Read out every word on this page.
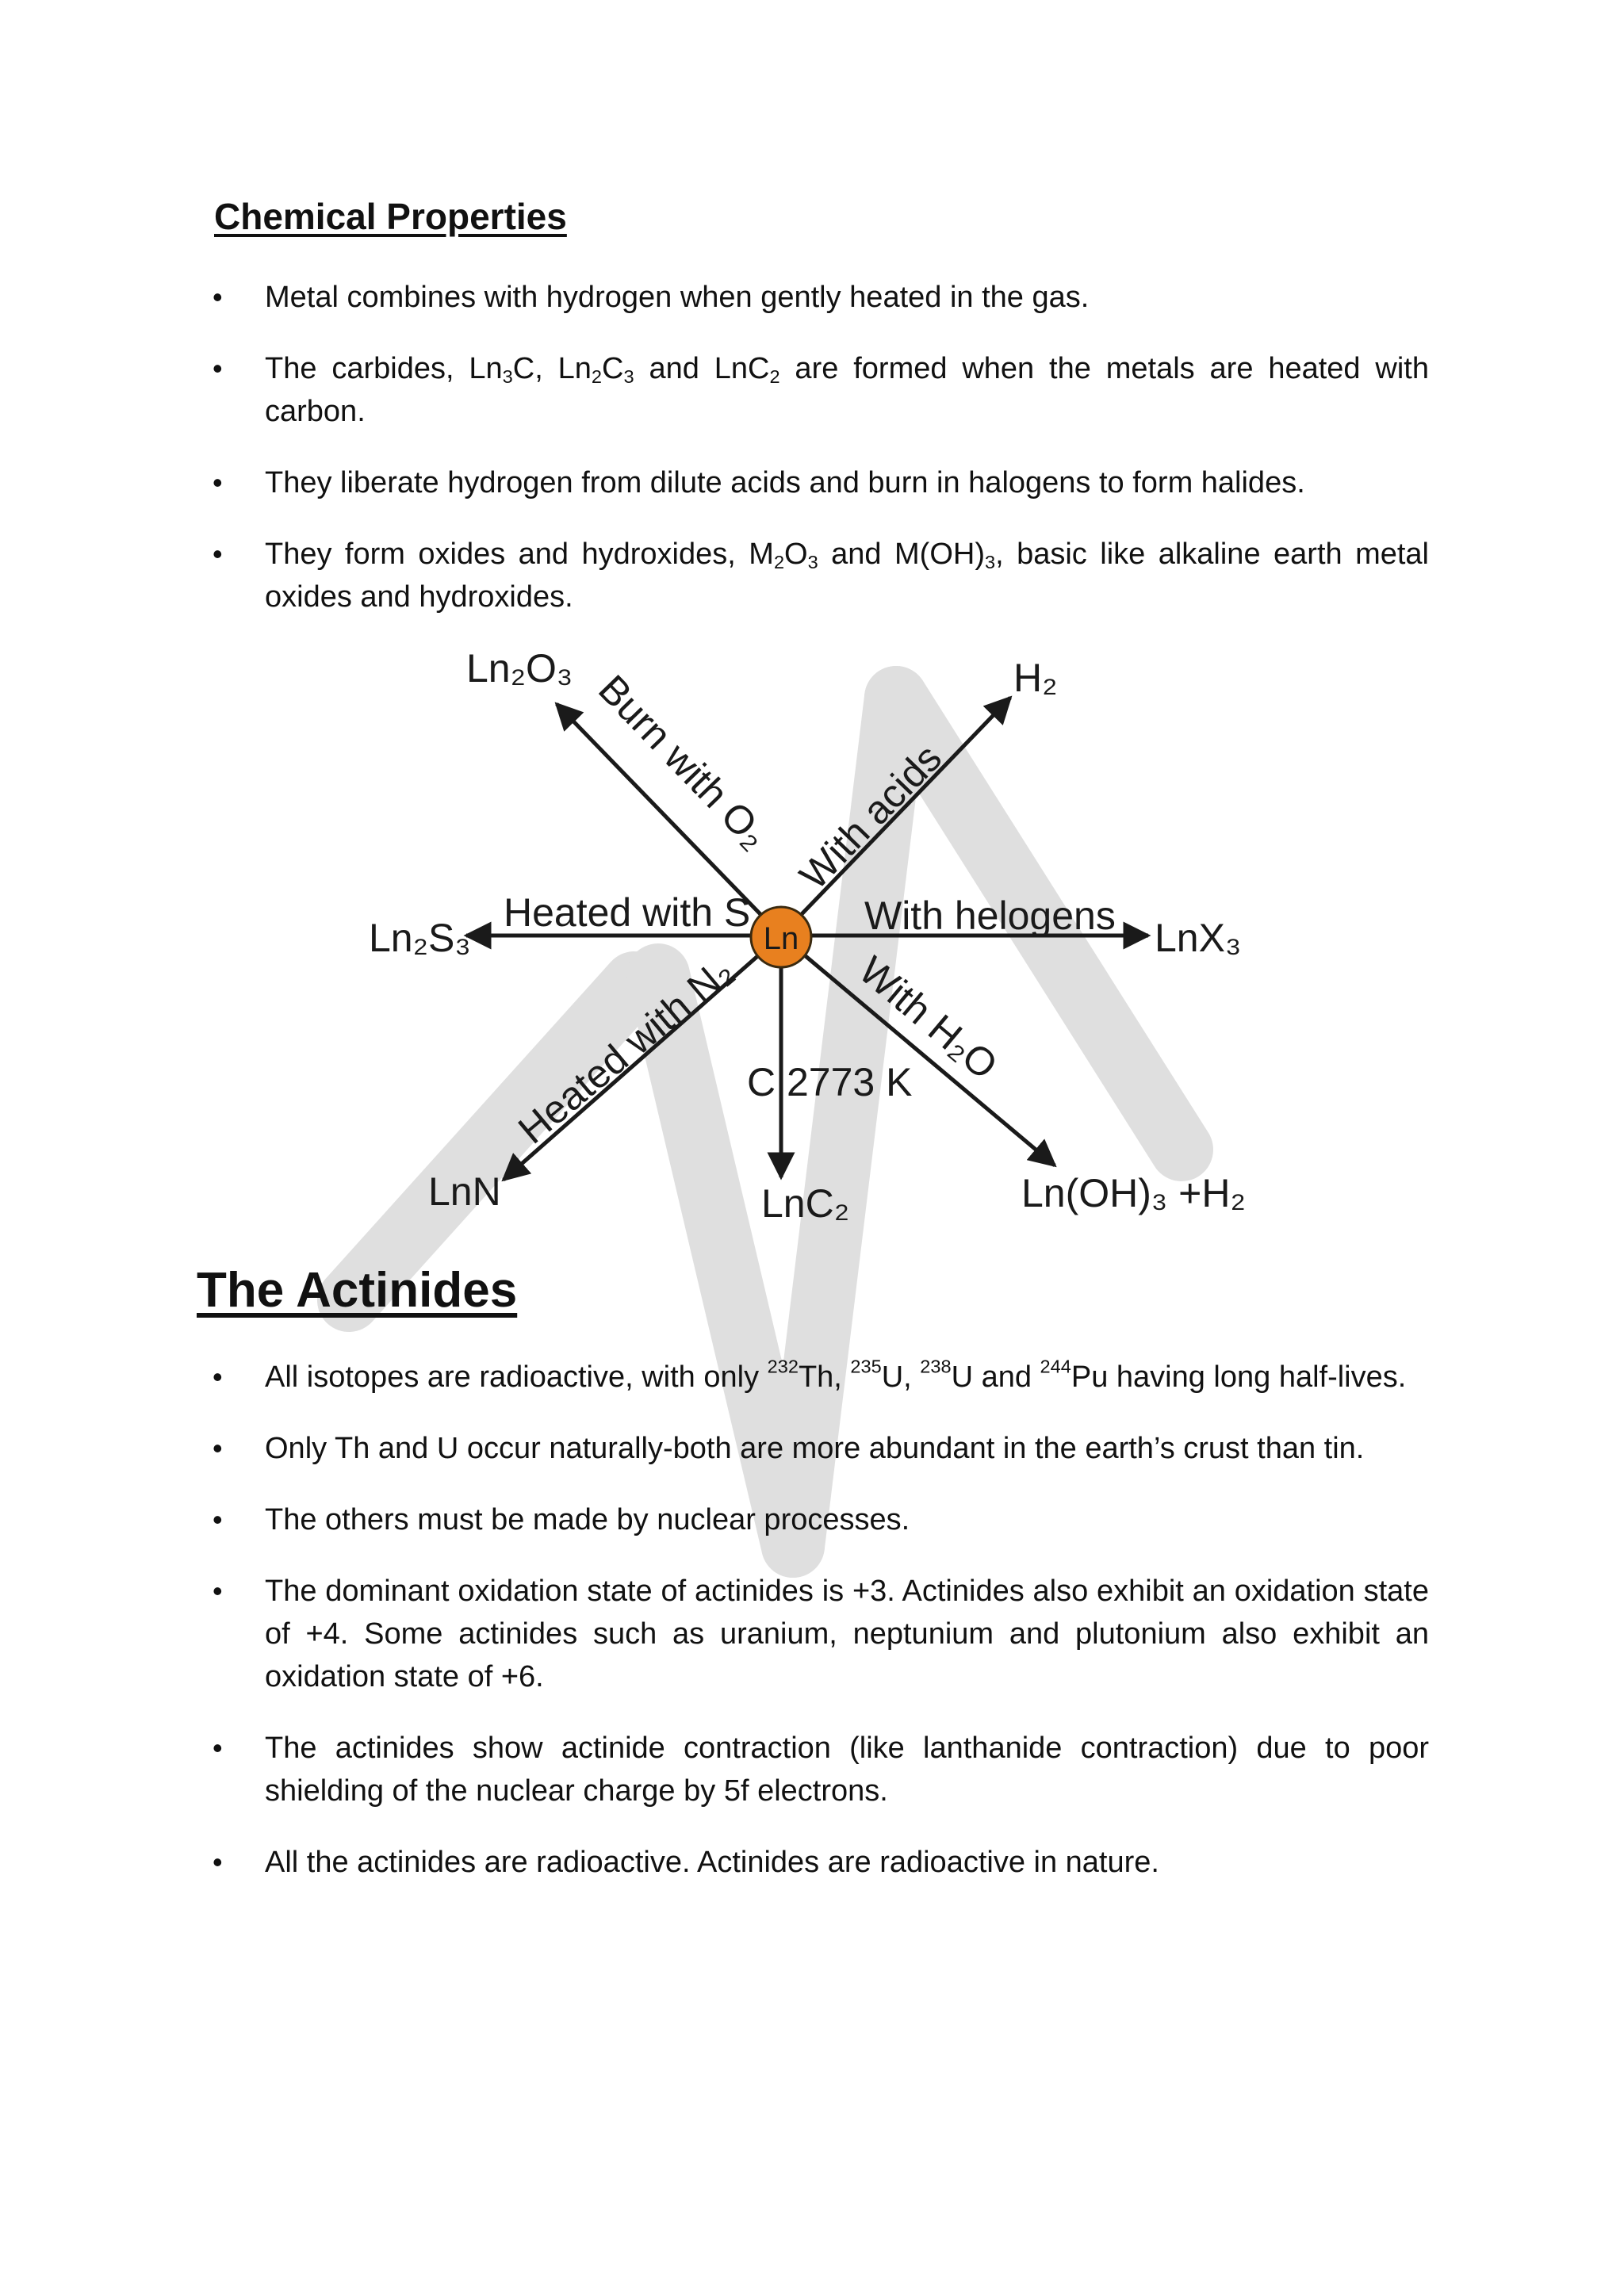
Chemical Properties
• Metal combines with hydrogen when gently heated in the gas.
• The carbides, $Ln_3C$, $Ln_2C_3$ and LnC$_2$ are formed when the metals are heated with carbon.
• They liberate hydrogen from dilute acids and burn in halogens to form halides.
• They form oxides and hydroxides, $M_2O_3$ and $M(OH)_3$, basic like alkaline earth metal oxides and hydroxides.
Ln
Ln₂O₃	H₂
Ln₂S₃	LnX₃
LnN	LnC₂	Ln(OH)₃ +H₂
Burn with O₂ With acids
Heated with S	With helogens
Heated with N₂ C 2773 K
With H₂O
The Actinides
• All isotopes are radioactive, with only $^{232}$Th, $^{235}$U, $^{238}$U and $^{244}$Pu having long half-lives.
• Only Th and U occur naturally-both are more abundant in the earth’s crust than tin.
• The others must be made by nuclear processes.
• The dominant oxidation state of actinides is +3. Actinides also exhibit an oxidation state of +4. Some actinides such as uranium, neptunium and plutonium also exhibit an oxidation state of +6.
• The actinides show actinide contraction (like lanthanide contraction) due to poor shielding of the nuclear charge by 5f electrons.
• All the actinides are radioactive. Actinides are radioactive in nature.
